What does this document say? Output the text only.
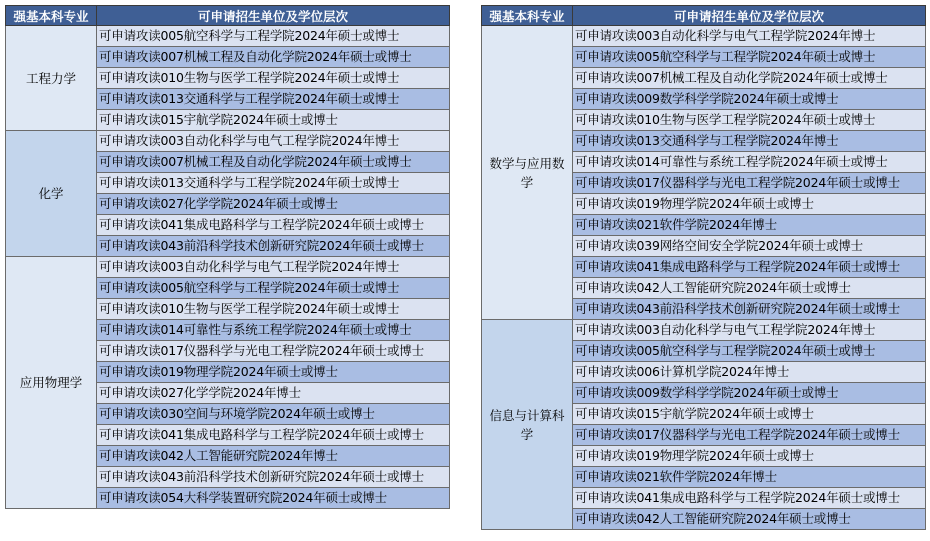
强基本科专业	可申请招生单位及学位层次
工程力学	可申请攻读005航空科学与工程学院2024年硕士或博士
	可申请攻读007机械工程及自动化学院2024年硕士或博士
	可申请攻读010生物与医学工程学院2024年硕士或博士
	可申请攻读013交通科学与工程学院2024年硕士或博士
	可申请攻读015宇航学院2024年硕士或博士
化学	可申请攻读003自动化科学与电气工程学院2024年博士
	可申请攻读007机械工程及自动化学院2024年硕士或博士
	可申请攻读013交通科学与工程学院2024年硕士或博士
	可申请攻读027化学学院2024年硕士或博士
	可申请攻读041集成电路科学与工程学院2024年硕士或博士
	可申请攻读043前沿科学技术创新研究院2024年硕士或博士
应用物理学	可申请攻读003自动化科学与电气工程学院2024年博士
	可申请攻读005航空科学与工程学院2024年硕士或博士
	可申请攻读010生物与医学工程学院2024年硕士或博士
	可申请攻读014可靠性与系统工程学院2024年硕士或博士
	可申请攻读017仪器科学与光电工程学院2024年硕士或博士
	可申请攻读019物理学院2024年硕士或博士
	可申请攻读027化学学院2024年博士
	可申请攻读030空间与环境学院2024年硕士或博士
	可申请攻读041集成电路科学与工程学院2024年硕士或博士
	可申请攻读042人工智能研究院2024年博士
	可申请攻读043前沿科学技术创新研究院2024年硕士或博士
	可申请攻读054大科学装置研究院2024年硕士或博士
强基本科专业	可申请招生单位及学位层次
数学与应用数学	可申请攻读003自动化科学与电气工程学院2024年博士
	可申请攻读005航空科学与工程学院2024年硕士或博士
	可申请攻读007机械工程及自动化学院2024年硕士或博士
	可申请攻读009数学科学学院2024年硕士或博士
	可申请攻读010生物与医学工程学院2024年硕士或博士
	可申请攻读013交通科学与工程学院2024年博士
	可申请攻读014可靠性与系统工程学院2024年硕士或博士
	可申请攻读017仪器科学与光电工程学院2024年硕士或博士
	可申请攻读019物理学院2024年硕士或博士
	可申请攻读021软件学院2024年博士
	可申请攻读039网络空间安全学院2024年硕士或博士
	可申请攻读041集成电路科学与工程学院2024年硕士或博士
	可申请攻读042人工智能研究院2024年硕士或博士
	可申请攻读043前沿科学技术创新研究院2024年硕士或博士
信息与计算科学	可申请攻读003自动化科学与电气工程学院2024年博士
	可申请攻读005航空科学与工程学院2024年硕士或博士
	可申请攻读006计算机学院2024年博士
	可申请攻读009数学科学学院2024年硕士或博士
	可申请攻读015宇航学院2024年硕士或博士
	可申请攻读017仪器科学与光电工程学院2024年硕士或博士
	可申请攻读019物理学院2024年硕士或博士
	可申请攻读021软件学院2024年博士
	可申请攻读041集成电路科学与工程学院2024年硕士或博士
	可申请攻读042人工智能研究院2024年硕士或博士
